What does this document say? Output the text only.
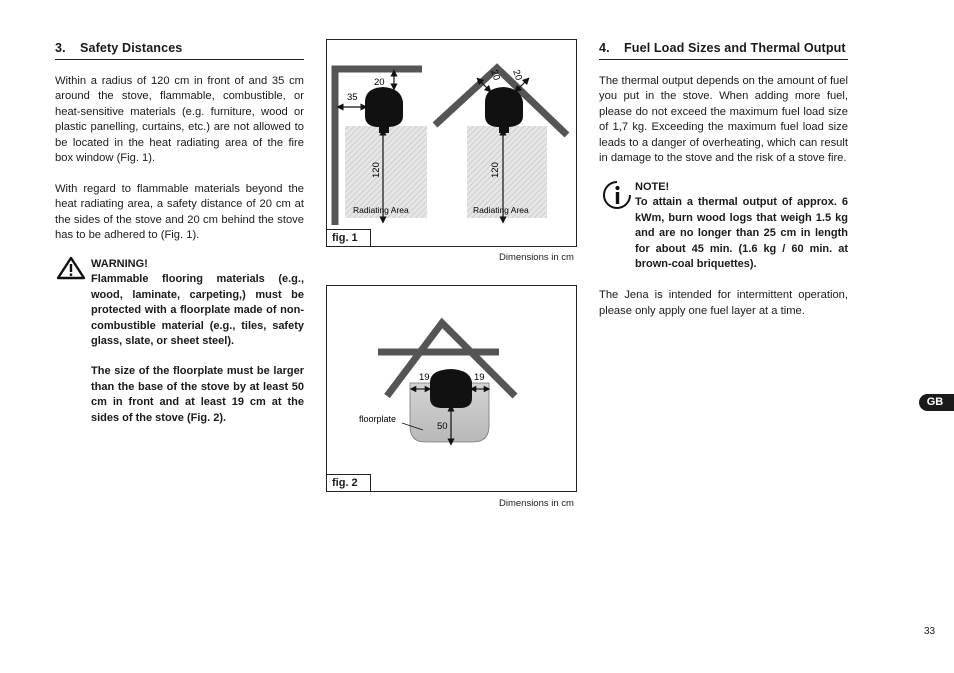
3. Safety Distances

Within a radius of 120 cm in front of and 35 cm around the stove, flammable, combustible, or heat-sensitive materials (e.g. furniture, wood or plastic panelling, curtains, etc.) are not allowed to be located in the heat radiating area of the fire box window (Fig. 1).

With regard to flammable materials beyond the heat radiating area, a safety distance of 20 cm at the sides of the stove and 20 cm behind the stove has to be adhered to (Fig. 1).

WARNING!

Flammable flooring materials (e.g., wood, laminate, carpeting,) must be protected with a floorplate made of non-combustible material (e.g., tiles, safety glass, slate, or sheet steel).

The size of the floorplate must be larger than the base of the stove by at least 50 cm in front and at least 19 cm at the sides of the stove (Fig. 2).

20
35
120
Radiating Area
20 20
120
Radiating Area
fig. 1
Dimensions in cm
19	19
50
floorplate
fig. 2
Dimensions in cm
4. Fuel Load Sizes and Thermal Output

The thermal output depends on the amount of fuel you put in the stove. When adding more fuel, please do not exceed the maximum fuel load size of 1,7 kg. Exceeding the maximum fuel load size leads to a danger of overheating, which can result in damage to the stove and the risk of a stove fire.

NOTE!

To attain a thermal output of approx. 6 kWm, burn wood logs that weigh 1.5 kg and are no longer than 25 cm in length for about 45 min. (1.6 kg / 60 min. at brown-coal briquettes).

The Jena is intended for intermittent operation, please only apply one fuel layer at a time.

GB
33
